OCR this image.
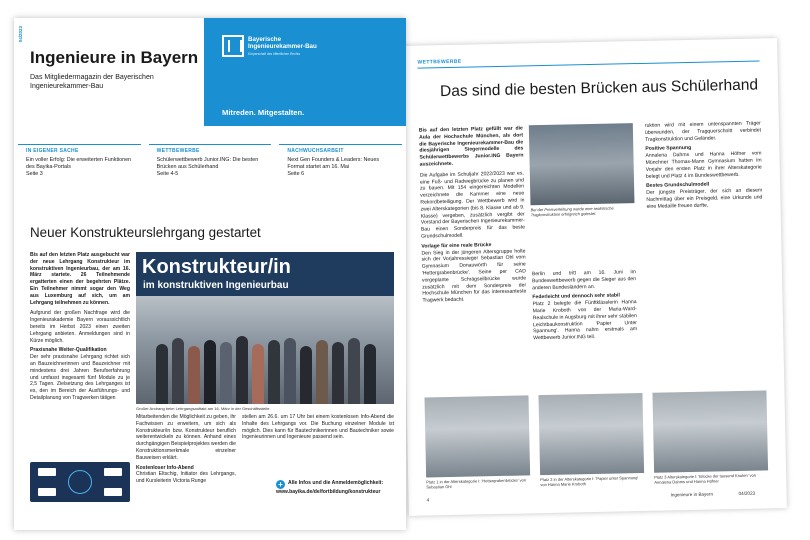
04/2023
Ingenieure in Bayern
Das Mitgliedermagazin der Bayerischen Ingenieurekammer-Bau
Bayerische
Ingenieurekammer-Bau
Körperschaft des öffentlichen Rechts
Mitreden. Mitgestalten.
IN EIGENER SACHE
Ein voller Erfolg: Die erweiterten Funktionen des Bayika-Portals
Seite 3
WETTBEWERBE
Schülerwettbewerb Junior.ING: Die besten Brücken aus Schülerhand
Seite 4-5
NACHWUCHSARBEIT
Next Gen Founders & Leaders: Neues Format startet am 16. Mai
Seite 6
Neuer Konstrukteurslehrgang gestartet
Bis auf den letzten Platz ausgebucht war der neue Lehrgang Konstrukteur im konstruktiven Ingenieurbau, der am 16. März startete. 26 Teilnehmende ergatterten einen der begehrten Plätze. Ein Teilnehmer nimmt sogar den Weg aus Luxemburg auf sich, um am Lehrgang teilnehmen zu können.
Aufgrund der großen Nachfrage wird die Ingenieurakademie Bayern voraussichtlich bereits im Herbst 2023 einen zweiten Lehrgang anbieten. Anmeldungen sind in Kürze möglich.
Praxisnahe Weiter-Qualifikation
Der sehr praxisnahe Lehrgang richtet sich an Bauzeichnerinnen und Bauzeichner mit mindestens drei Jahren Berufserfahrung und umfasst insgesamt fünf Module zu je 2,5 Tagen. Zielsetzung des Lehrganges ist es, den im Bereich der Ausführungs- und Detailplanung von Tragwerken tätigen
Konstrukteur/in
im konstruktiven Ingenieurbau
Großer Andrang beim Lehrgangsauftakt am 16. März in der Geschäftsstelle.
Mitarbeitenden die Möglichkeit zu geben, ihr Fachwissen zu erweitern, um sich als Konstrukteur/in bzw. Konstrukteur beruflich weiterentwickeln zu können. Anhand eines durchgängigen Beispielprojektes werden die Konstruktionsmerkmale einzelner Bauweisen erklärt.
Kostenloser Info-Abend
Christian Eltschig, Initiator des Lehrgangs, und Kursleiterin Victoria Runge
stellen am 26.6. um 17 Uhr bei einem kostenlosen Info-Abend die Inhalte des Lehrgangs vor. Die Buchung einzelner Module ist möglich. Dies kann für Bautechnikerinnen und Bautechniker sowie Ingenieurinnen und Ingenieure passend sein.
+ Alle Infos und die Anmeldemöglichkeit: www.bayika.de/de/fortbildung/konstrukteur
WETTBEWERBE
Das sind die besten Brücken aus Schülerhand
Bis auf den letzten Platz gefüllt war die Aula der Hochschule München, als dort die Bayerische Ingenieurekammer-Bau die diesjährigen Siegermodelle des Schülerwettbewerbs Junior.ING Bayern auszeichnete.
Die Aufgabe im Schuljahr 2022/2023 war es, eine Fuß- und Radwegbrücke zu planen und zu bauen. Mit 154 eingereichten Modellen verzeichnete die Kammer eine neue Rekordbeteiligung. Der Wettbewerb wird in zwei Alterskategorien (bis 8. Klasse und ab 9. Klasse) vergeben, zusätzlich vergibt der Vorstand der Bayerischen Ingenieurekammer-Bau einen Sonderpreis für das beste Grundschulmodell.
Vorlage für eine reale Brücke
Den Sieg in der jüngeren Altersgruppe holte sich der Vorjahressieger Sebastian Ohl vom Gymnasium Donauwörth für seine 'Hettergrabenbrücke'. Seine per CAD vorgeplante Schrägseilbrücke wurde zusätzlich mit dem Sonderpreis der Hochschule München für das interessanteste Tragwerk bedacht.
Bei der Preisverleihung wurde eine realistische Tragkonstruktion erfolgreich getestet.
Berlin und tritt am 16. Juni im Bundeswettbewerb gegen die Sieger aus den anderen Bundesländern an.
Federleicht und dennoch sehr stabil
Platz 2 belegte die Fünftklässlerin Hanna Marie Kroboth von der Maria-Ward-Realschule in Augsburg mit ihrer sehr stabilen Leichtbaukonstruktion 'Papier Unter Spannung'. Hanna nahm erstmals am Wettbewerb Junior.ING teil.
ruktion wird mit einem untenspannten Träger überwunden, der Tragquerschnitt verbindet Tragkonstruktion und Geländer.
Positive Spannung
Annalena Dahms und Hanna Höfner vom Münchner Thomas-Mann Gymnasium hatten im Vorjahr den ersten Platz in ihrer Alterskategorie belegt und Platz 4 im Bundeswettbewerb.
Bestes Grundschulmodell
Der jüngste Preisträger, der sich an diesem Nachmittag über ein Preisgeld, eine Urkunde und eine Medaille freuen durfte,
Platz 1 in der Alterskategorie I: 'Hettergrabenbrücke' von Sebastian Ohl
Platz 2 in der Alterskategorie I: 'Papier unter Spannung' von Hanna Marie Kroboth
Platz 3 Alterskategorie I: 'Brücke der tausend Knoten' von Annalena Dahms und Hanna Höfner
4
Ingenieure in Bayern	04/2023
